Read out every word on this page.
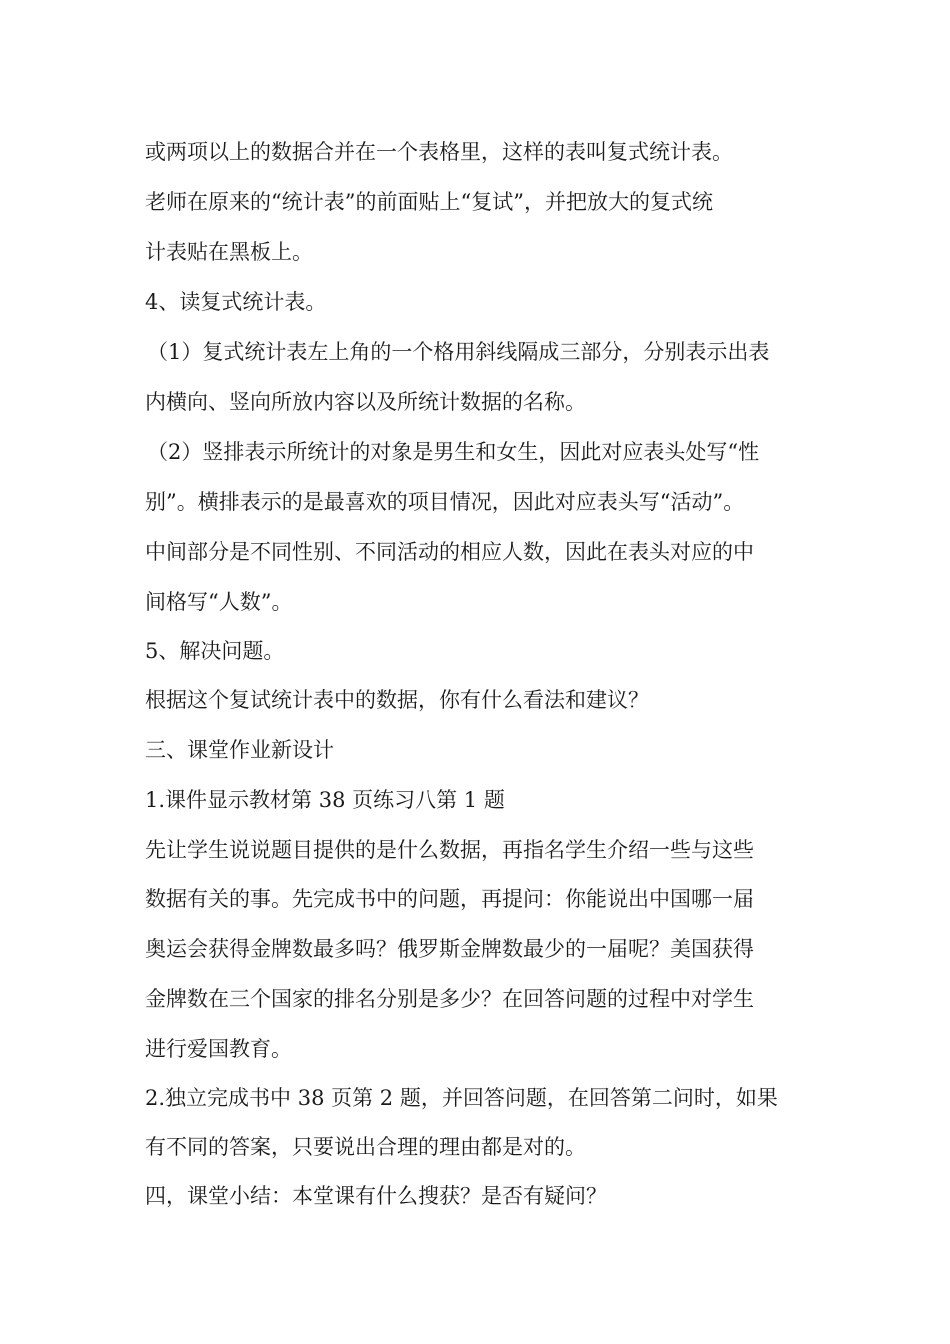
或两项以上的数据合并在一个表格里，这样的表叫复式统计表。

老师在原来的“统计表”的前面贴上“复试”，并把放大的复式统

计表贴在黑板上。

4、读复式统计表。

（1）复式统计表左上角的一个格用斜线隔成三部分，分别表示出表

内横向、竖向所放内容以及所统计数据的名称。

（2）竖排表示所统计的对象是男生和女生，因此对应表头处写“性

别”。横排表示的是最喜欢的项目情况，因此对应表头写“活动”。

中间部分是不同性别、不同活动的相应人数，因此在表头对应的中

间格写“人数”。

5、解决问题。

根据这个复试统计表中的数据，你有什么看法和建议？

三、课堂作业新设计

1.课件显示教材第 38 页练习八第 1 题

先让学生说说题目提供的是什么数据，再指名学生介绍一些与这些

数据有关的事。先完成书中的问题，再提问：你能说出中国哪一届

奥运会获得金牌数最多吗？俄罗斯金牌数最少的一届呢？美国获得

金牌数在三个国家的排名分别是多少？在回答问题的过程中对学生

进行爱国教育。

2.独立完成书中 38 页第 2 题，并回答问题，在回答第二问时，如果

有不同的答案，只要说出合理的理由都是对的。

四，课堂小结：本堂课有什么搜获？是否有疑问？
